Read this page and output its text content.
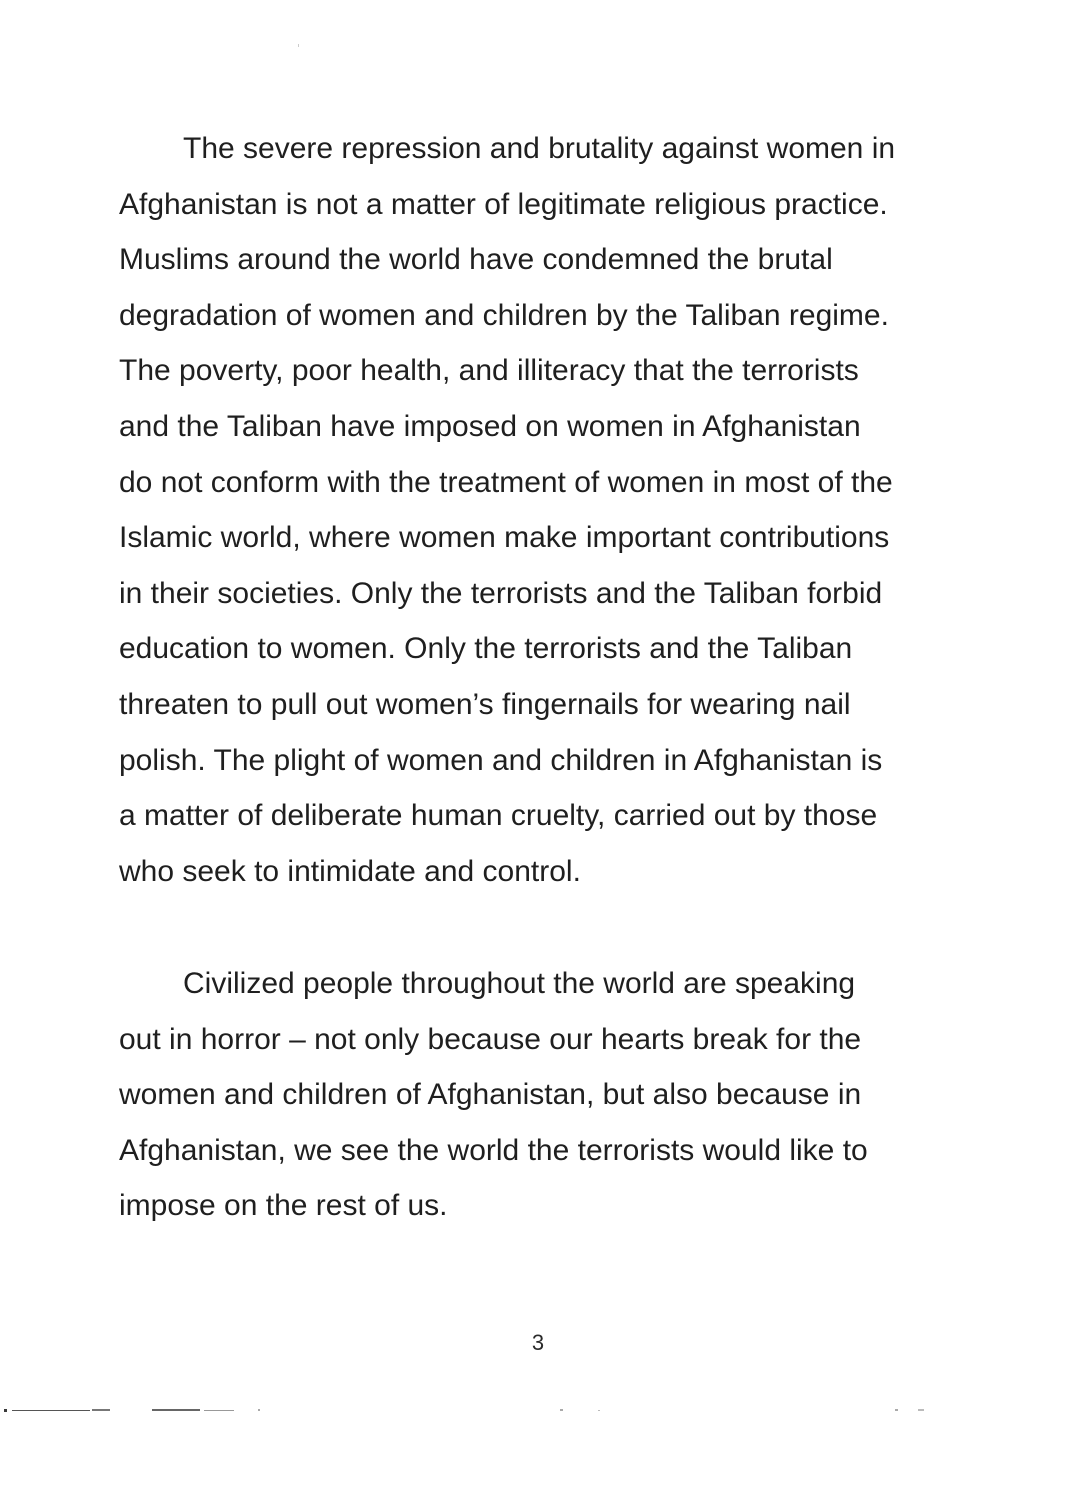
The severe repression and brutality against women in
Afghanistan is not a matter of legitimate religious practice.
Muslims around the world have condemned the brutal
degradation of women and children by the Taliban regime.
The poverty, poor health, and illiteracy that the terrorists
and the Taliban have imposed on women in Afghanistan
do not conform with the treatment of women in most of the
Islamic world, where women make important contributions
in their societies. Only the terrorists and the Taliban forbid
education to women. Only the terrorists and the Taliban
threaten to pull out women’s fingernails for wearing nail
polish. The plight of women and children in Afghanistan is
a matter of deliberate human cruelty, carried out by those
who seek to intimidate and control.
Civilized people throughout the world are speaking
out in horror – not only because our hearts break for the
women and children of Afghanistan, but also because in
Afghanistan, we see the world the terrorists would like to
impose on the rest of us.
3
